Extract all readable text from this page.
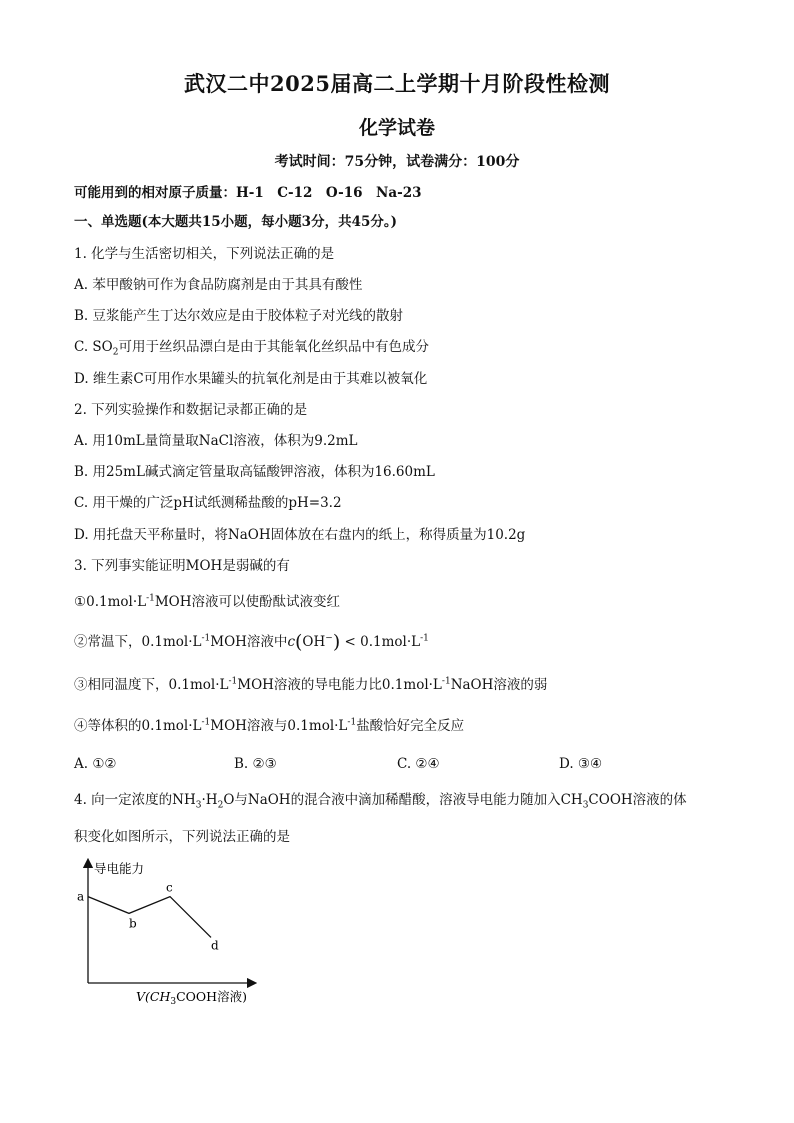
武汉二中2025届高二上学期十月阶段性检测
化学试卷
考试时间：75分钟，试卷满分：100分
可能用到的相对原子质量：H-1　C-12　O-16　Na-23
一、单选题(本大题共15小题，每小题3分，共45分。)
1. 化学与生活密切相关，下列说法正确的是
A. 苯甲酸钠可作为食品防腐剂是由于其具有酸性
B. 豆浆能产生丁达尔效应是由于胶体粒子对光线的散射
C. $SO_2$可用于丝织品漂白是由于其能氧化丝织品中有色成分
D. 维生素C可用作水果罐头的抗氧化剂是由于其难以被氧化
2. 下列实验操作和数据记录都正确的是
A. 用10mL量筒量取NaCl溶液，体积为9.2mL
B. 用25mL碱式滴定管量取高锰酸钾溶液，体积为16.60mL
C. 用干燥的广泛pH试纸测稀盐酸的pH=3.2
D. 用托盘天平称量时，将NaOH固体放在右盘内的纸上，称得质量为10.2g
3. 下列事实能证明MOH是弱碱的有
$①0.1mol\cdot L^{-1}MOH$溶液可以使酚酞试液变红
②常温下，$0.1mol\cdot L^{-1}MOH$溶液中$c(OH^-) < 0.1mol\cdot L^{-1}$
③相同温度下，$0.1mol\cdot L^{-1}MOH$溶液的导电能力比$0.1mol\cdot L^{-1}NaOH$溶液的弱
④等体积的$0.1mol\cdot L^{-1}MOH$溶液与$0.1mol\cdot L^{-1}$盐酸恰好完全反应
A. ①②	B. ②③	C. ②④	D. ③④
4. 向一定浓度的$NH_3\cdot H_2O$与NaOH的混合液中滴加稀醋酸，溶液导电能力随加入$CH_3COOH$溶液的体
积变化如图所示，下列说法正确的是
导电能力
a
b
c
d
$V(CH_3COOH$溶液)
